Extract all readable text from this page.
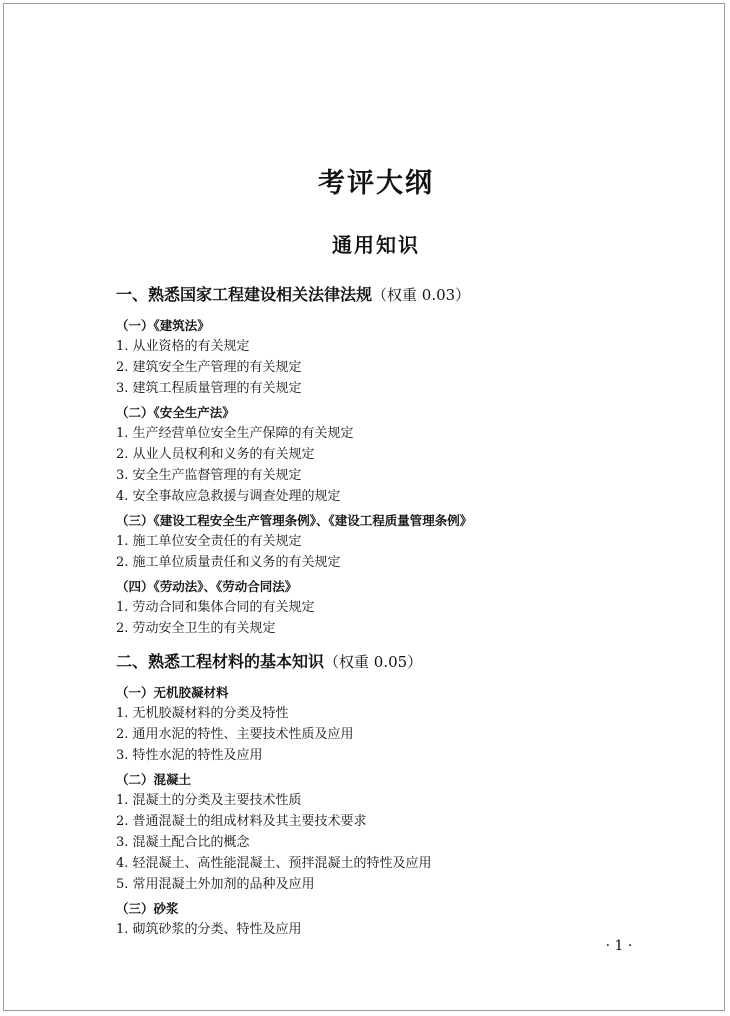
考评大纲
通用知识
一、熟悉国家工程建设相关法律法规（权重 0.03）
（一）《建筑法》
1. 从业资格的有关规定
2. 建筑安全生产管理的有关规定
3. 建筑工程质量管理的有关规定
（二）《安全生产法》
1. 生产经营单位安全生产保障的有关规定
2. 从业人员权利和义务的有关规定
3. 安全生产监督管理的有关规定
4. 安全事故应急救援与调查处理的规定
（三）《建设工程安全生产管理条例》、《建设工程质量管理条例》
1. 施工单位安全责任的有关规定
2. 施工单位质量责任和义务的有关规定
（四）《劳动法》、《劳动合同法》
1. 劳动合同和集体合同的有关规定
2. 劳动安全卫生的有关规定
二、熟悉工程材料的基本知识（权重 0.05）
（一）无机胶凝材料
1. 无机胶凝材料的分类及特性
2. 通用水泥的特性、主要技术性质及应用
3. 特性水泥的特性及应用
（二）混凝土
1. 混凝土的分类及主要技术性质
2. 普通混凝土的组成材料及其主要技术要求
3. 混凝土配合比的概念
4. 轻混凝土、高性能混凝土、预拌混凝土的特性及应用
5. 常用混凝土外加剂的品种及应用
（三）砂浆
1. 砌筑砂浆的分类、特性及应用
· 1 ·
